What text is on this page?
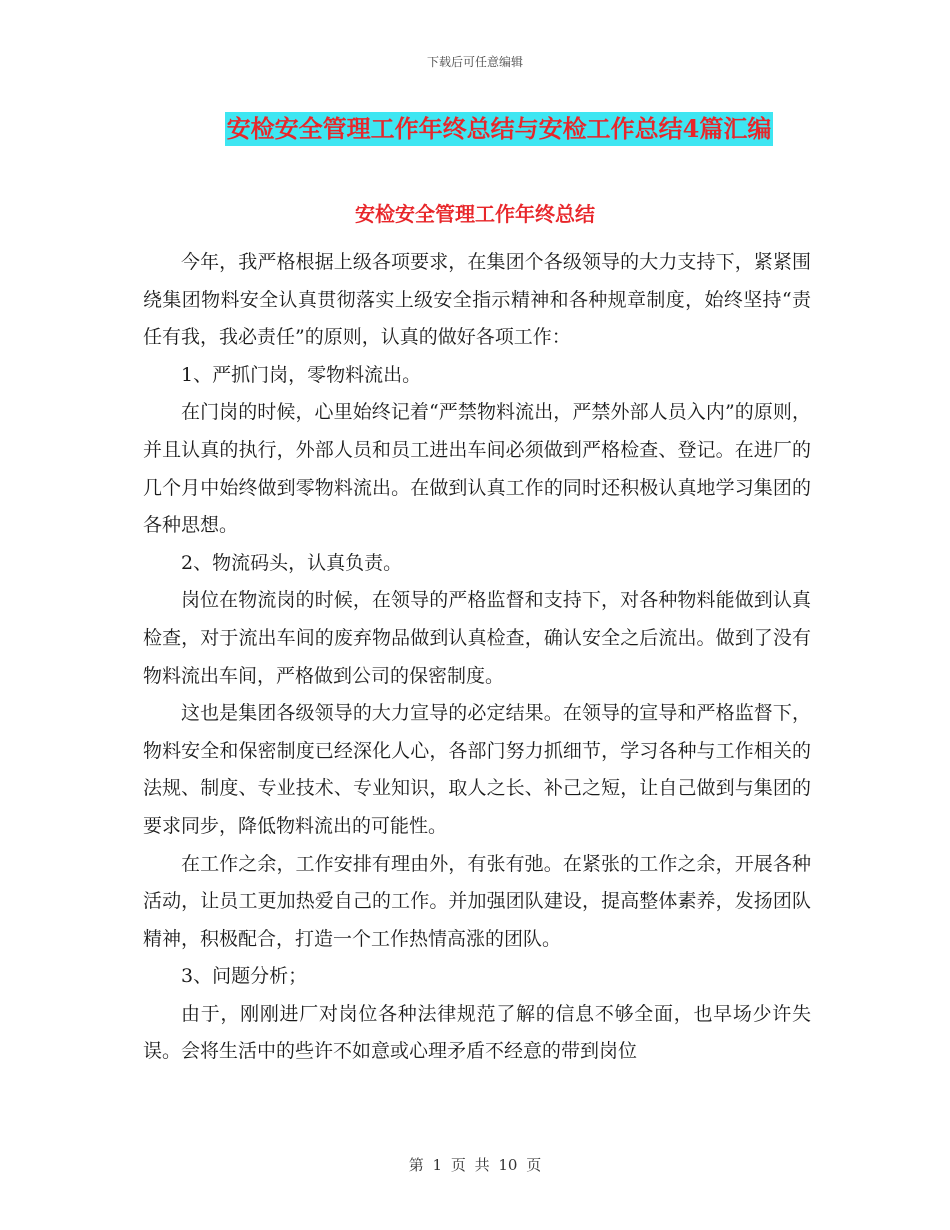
下载后可任意编辑
安检安全管理工作年终总结与安检工作总结4篇汇编
安检安全管理工作年终总结

今年，我严格根据上级各项要求，在集团个各级领导的大力支持下，紧紧围绕集团物料安全认真贯彻落实上级安全指示精神和各种规章制度，始终坚持“责任有我，我必责任”的原则，认真的做好各项工作：

1、严抓门岗，零物料流出。

在门岗的时候，心里始终记着“严禁物料流出，严禁外部人员入内”的原则，并且认真的执行，外部人员和员工进出车间必须做到严格检查、登记。在进厂的几个月中始终做到零物料流出。在做到认真工作的同时还积极认真地学习集团的各种思想。

2、物流码头，认真负责。

岗位在物流岗的时候，在领导的严格监督和支持下，对各种物料能做到认真检查，对于流出车间的废弃物品做到认真检查，确认安全之后流出。做到了没有物料流出车间，严格做到公司的保密制度。

这也是集团各级领导的大力宣导的必定结果。在领导的宣导和严格监督下，物料安全和保密制度已经深化人心，各部门努力抓细节，学习各种与工作相关的法规、制度、专业技术、专业知识，取人之长、补己之短，让自己做到与集团的要求同步，降低物料流出的可能性。

在工作之余，工作安排有理由外，有张有弛。在紧张的工作之余，开展各种活动，让员工更加热爱自己的工作。并加强团队建设，提高整体素养，发扬团队精神，积极配合，打造一个工作热情高涨的团队。

3、问题分析；

由于，刚刚进厂对岗位各种法律规范了解的信息不够全面，也早场少许失误。会将生活中的些许不如意或心理矛盾不经意的带到岗位

第 1 页 共 10 页
